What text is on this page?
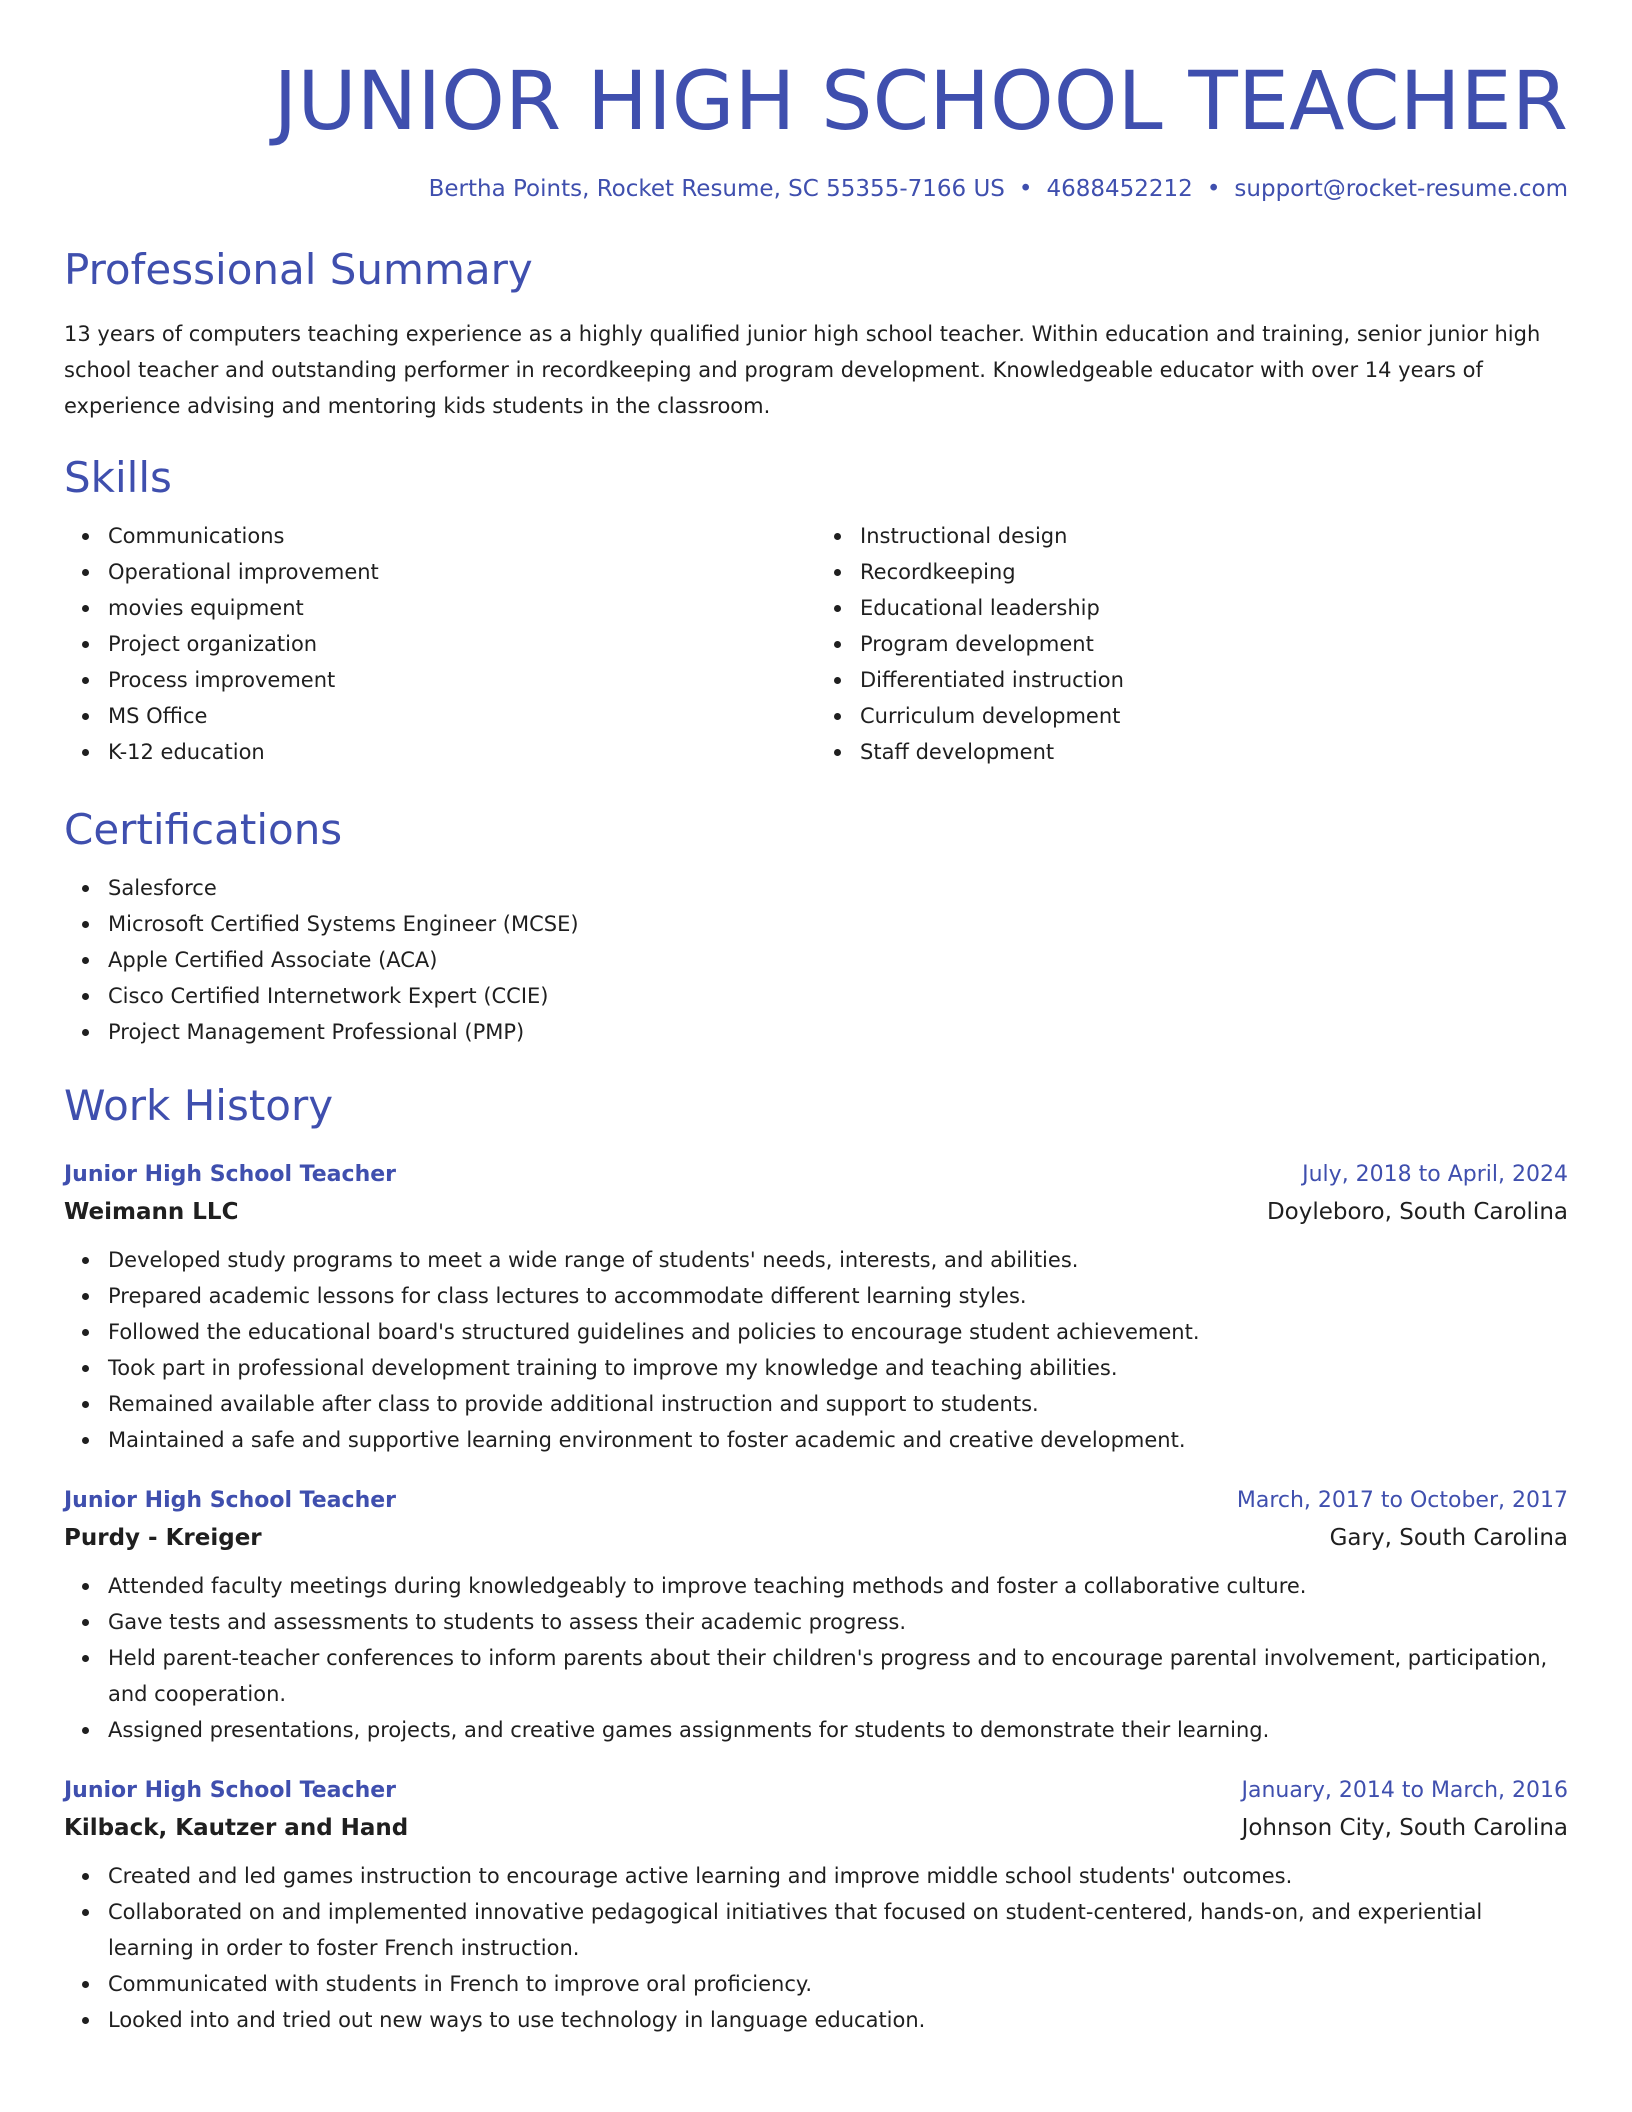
JUNIOR HIGH SCHOOL TEACHER
Bertha Points, Rocket Resume, SC 55355-7166 US • 4688452212 • support@rocket-resume.com
Professional Summary

13 years of computers teaching experience as a highly qualified junior high school teacher. Within education and training, senior junior high school teacher and outstanding performer in recordkeeping and program development. Knowledgeable educator with over 14 years of experience advising and mentoring kids students in the classroom.

Skills
Communications
Operational improvement
movies equipment
Project organization
Process improvement
MS Office
K-12 education
Instructional design
Recordkeeping
Educational leadership
Program development
Differentiated instruction
Curriculum development
Staff development
Certifications
Salesforce
Microsoft Certified Systems Engineer (MCSE)
Apple Certified Associate (ACA)
Cisco Certified Internetwork Expert (CCIE)
Project Management Professional (PMP)
Work History
Junior High School Teacher	July, 2018 to April, 2024
Weimann LLC	Doyleboro, South Carolina
Developed study programs to meet a wide range of students' needs, interests, and abilities.
Prepared academic lessons for class lectures to accommodate different learning styles.
Followed the educational board's structured guidelines and policies to encourage student achievement.
Took part in professional development training to improve my knowledge and teaching abilities.
Remained available after class to provide additional instruction and support to students.
Maintained a safe and supportive learning environment to foster academic and creative development.
Junior High School Teacher	March, 2017 to October, 2017
Purdy - Kreiger	Gary, South Carolina
Attended faculty meetings during knowledgeably to improve teaching methods and foster a collaborative culture.
Gave tests and assessments to students to assess their academic progress.
Held parent-teacher conferences to inform parents about their children's progress and to encourage parental involvement, participation, and cooperation.
Assigned presentations, projects, and creative games assignments for students to demonstrate their learning.
Junior High School Teacher	January, 2014 to March, 2016
Kilback, Kautzer and Hand	Johnson City, South Carolina
Created and led games instruction to encourage active learning and improve middle school students' outcomes.
Collaborated on and implemented innovative pedagogical initiatives that focused on student-centered, hands-on, and experiential learning in order to foster French instruction.
Communicated with students in French to improve oral proficiency.
Looked into and tried out new ways to use technology in language education.
